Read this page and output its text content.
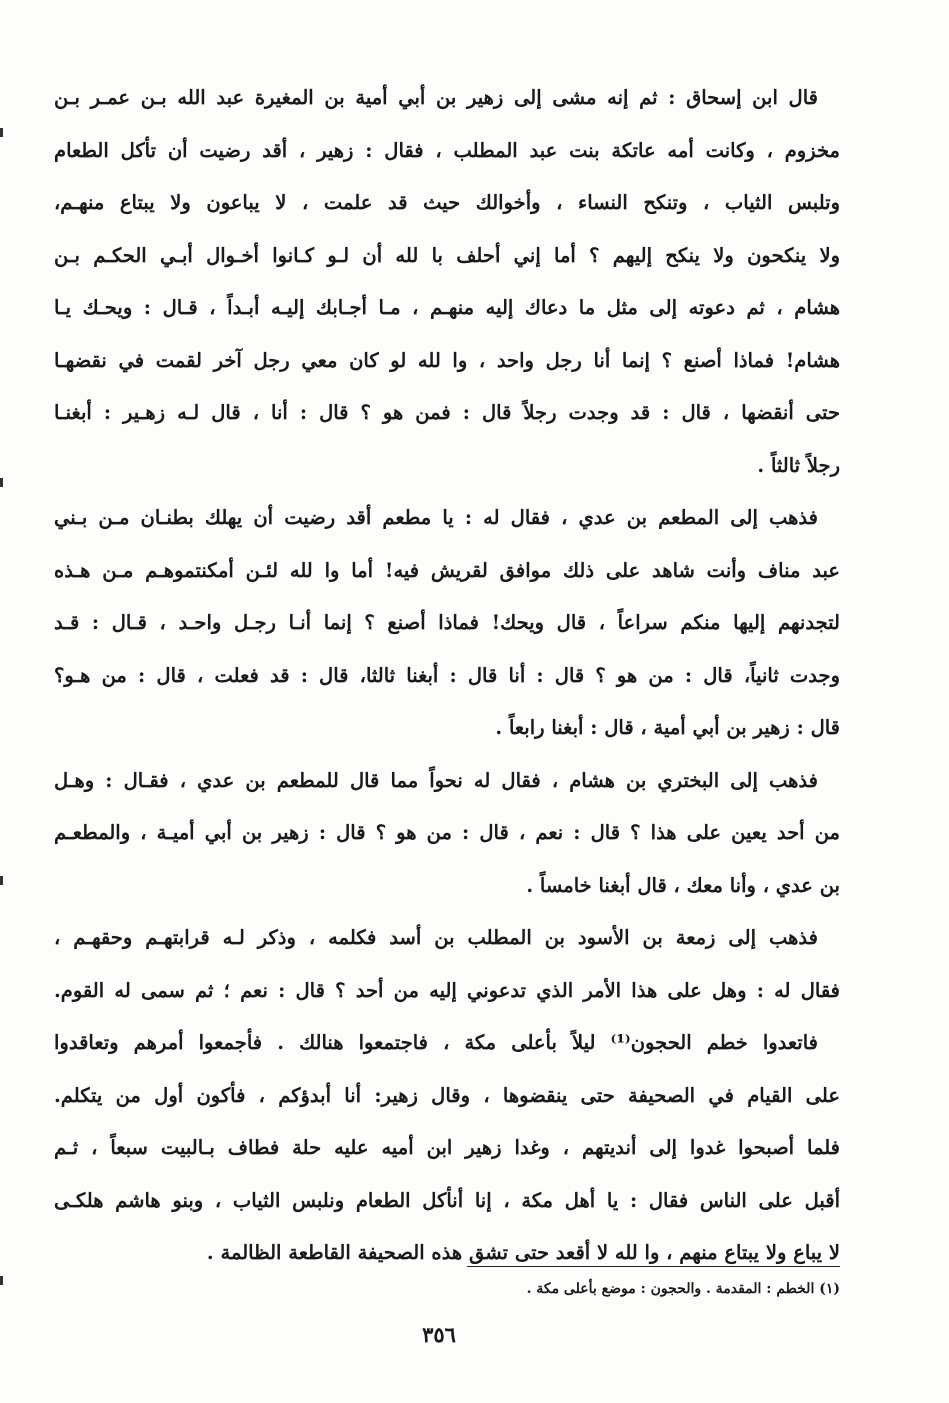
قال ابن إسحاق : ثم إنه مشى إلى زهير بن أبي أمية بن المغيرة عبد الله بـن عمـر بـن
مخزوم ، وكانت أمه عاتكة بنت عبد المطلب ، فقال : زهير ، أقد رضيت أن تأكل الطعام
وتلبس الثياب ، وتنكح النساء ، وأخوالك حيث قد علمت ، لا يباعون ولا يبتاع منهـم،
ولا ينكحون ولا ينكح إليهم ؟ أما إني أحلف با لله أن لـو كـانوا أخـوال أبـي الحكـم بـن
هشام ، ثم دعوته إلى مثل ما دعاك إليه منهـم ، مـا أجـابك إليـه أبـداً ، قـال : ويحـك يـا
هشام! فماذا أصنع ؟ إنما أنا رجل واحد ، وا لله لو كان معي رجل آخر لقمت في نقضهـا
حتى أنقضها ، قال : قد وجدت رجلاً قال : فمن هو ؟ قال : أنا ، قال لـه زهـير : أبغنـا
رجلاً ثالثاً .
فذهب إلى المطعم بن عدي ، فقال له : يا مطعم أقد رضيت أن يهلك بطنـان مـن بـني
عبد مناف وأنت شاهد على ذلك موافق لقريش فيه! أما وا لله لئـن أمكنتموهـم مـن هـذه
لتجدنهم إليها منكم سراعاً ، قال ويحك! فماذا أصنع ؟ إنما أنـا رجـل واحـد ، قـال : قـد
وجدت ثانياً، قال : من هو ؟ قال : أنا قال : أبغنا ثالثا، قال : قد فعلت ، قال : من هـو؟
قال : زهير بن أبي أمية ، قال : أبغنا رابعاً .
فذهب إلى البختري بن هشام ، فقال له نحواً مما قال للمطعم بن عدي ، فقـال : وهـل
من أحد يعين على هذا ؟ قال : نعم ، قال : من هو ؟ قال : زهير بن أبي أميـة ، والمطعـم
بن عدي ، وأنا معك ، قال أبغنا خامساً .
فذهب إلى زمعة بن الأسود بن المطلب بن أسد فكلمه ، وذكر لـه قرابتهـم وحقهـم ،
فقال له : وهل على هذا الأمر الذي تدعوني إليه من أحد ؟ قال : نعم ؛ ثم سمى له القوم.
فاتعدوا خطم الحجون⁽¹⁾ ليلاً بأعلى مكة ، فاجتمعوا هنالك . فأجمعوا أمرهم وتعاقدوا
على القيام في الصحيفة حتى ينقضوها ، وقال زهير: أنا أبدؤكم ، فأكون أول من يتكلم.
فلما أصبحوا غدوا إلى أنديتهم ، وغدا زهير ابن أميه عليه حلة فطاف بـالبيت سبعاً ، ثـم
أقبل على الناس فقال : يا أهل مكة ، إنا أنأكل الطعام ونلبس الثياب ، وبنو هاشم هلكـى
لا يباع ولا يبتاع منهم ، وا لله لا أقعد حتى تشق هذه الصحيفة القاطعة الظالمة .
(١) الخطم : المقدمة . والحجون : موضع بأعلى مكة .
٣٥٦
